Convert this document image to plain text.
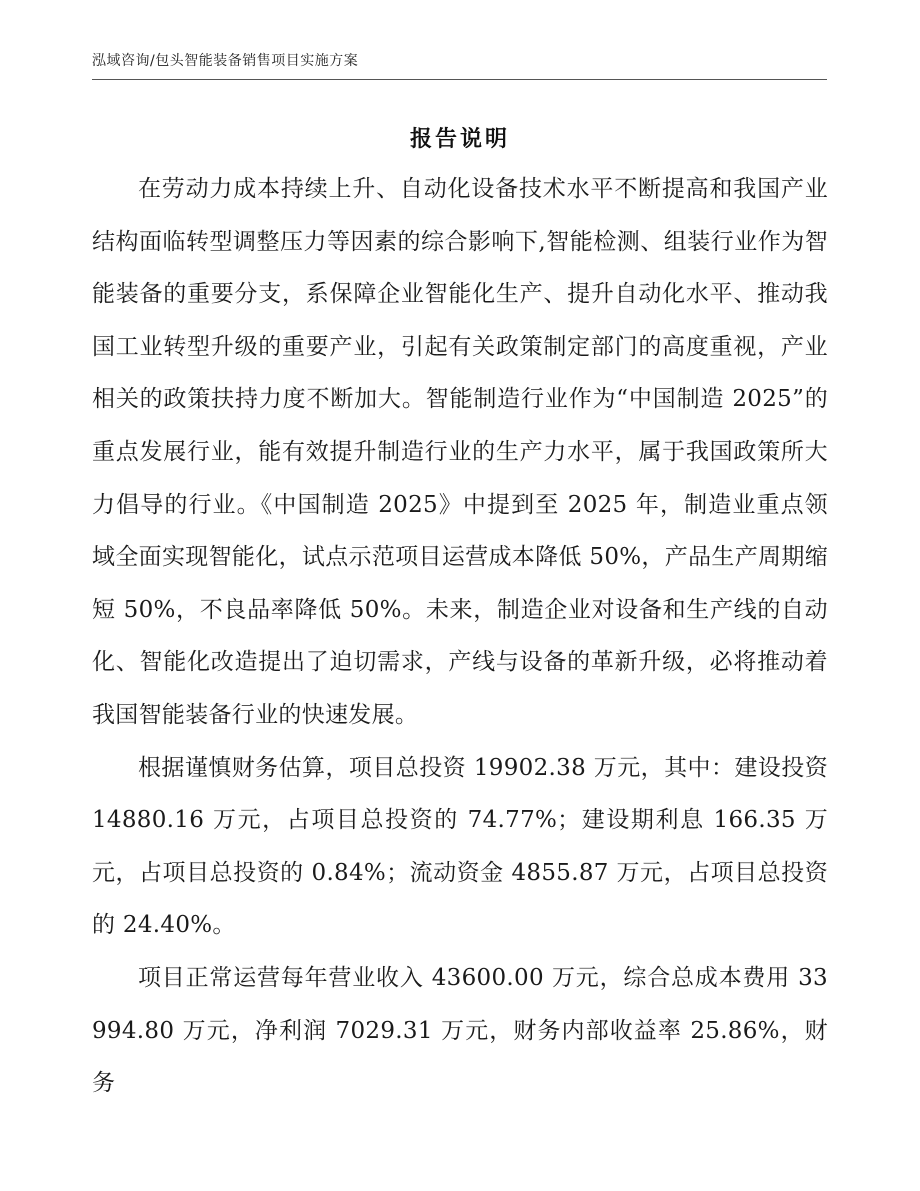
泓域咨询/包头智能装备销售项目实施方案
报告说明

在劳动力成本持续上升、自动化设备技术水平不断提高和我国产业结构面临转型调整压力等因素的综合影响下,智能检测、组装行业作为智能装备的重要分支，系保障企业智能化生产、提升自动化水平、推动我国工业转型升级的重要产业，引起有关政策制定部门的高度重视，产业相关的政策扶持力度不断加大。智能制造行业作为“中国制造 2025”的重点发展行业，能有效提升制造行业的生产力水平，属于我国政策所大力倡导的行业。《中国制造 2025》中提到至 2025 年，制造业重点领域全面实现智能化，试点示范项目运营成本降低 50%，产品生产周期缩短 50%，不良品率降低 50%。未来，制造企业对设备和生产线的自动化、智能化改造提出了迫切需求，产线与设备的革新升级，必将推动着我国智能装备行业的快速发展。

根据谨慎财务估算，项目总投资 19902.38 万元，其中：建设投资 14880.16 万元，占项目总投资的 74.77%；建设期利息 166.35 万元，占项目总投资的 0.84%；流动资金 4855.87 万元，占项目总投资的 24.40%。

项目正常运营每年营业收入 43600.00 万元，综合总成本费用 33994.80 万元，净利润 7029.31 万元，财务内部收益率 25.86%，财务
